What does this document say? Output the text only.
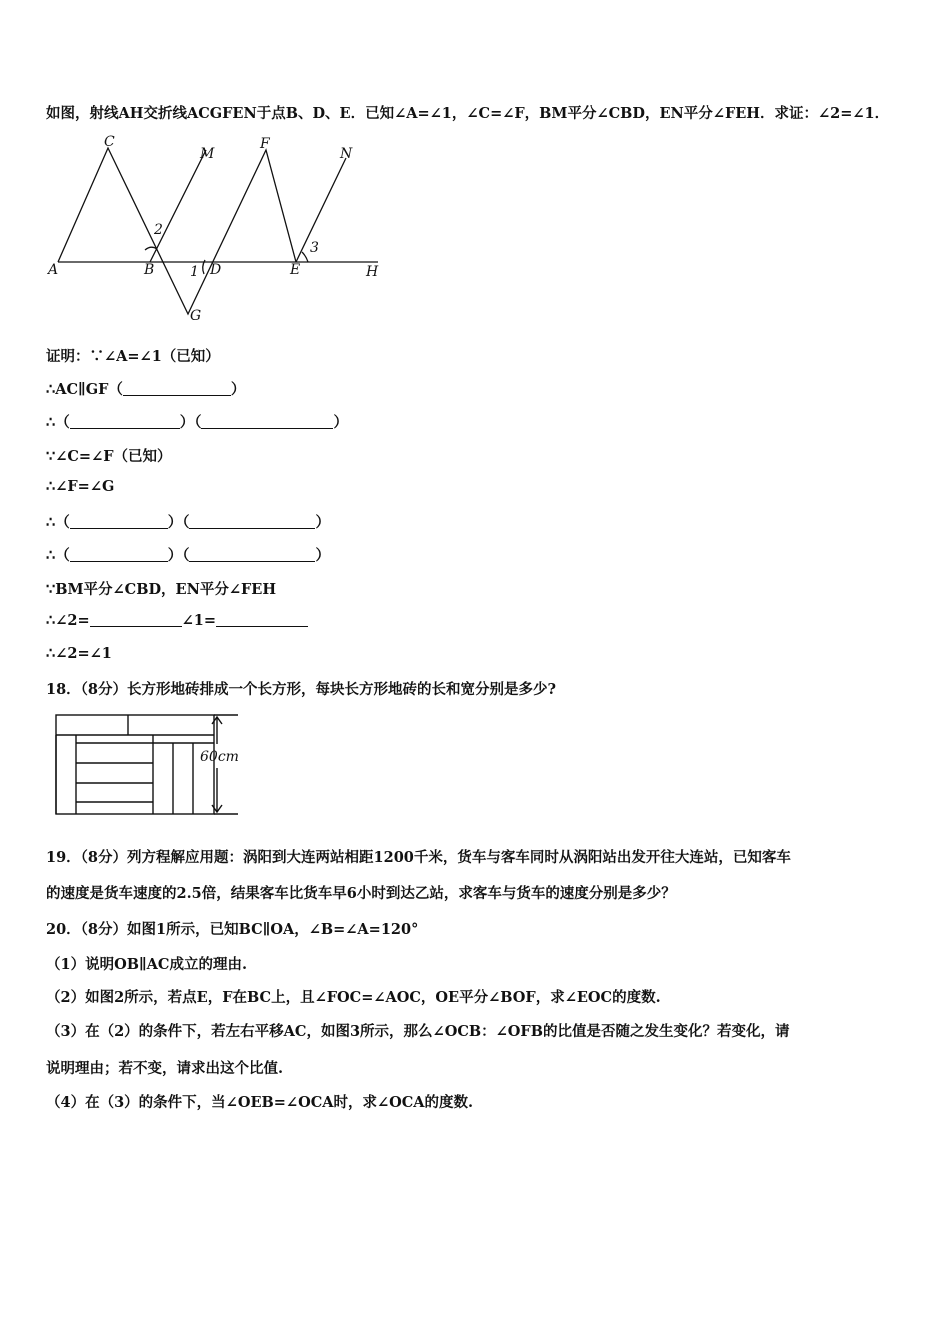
如图，射线AH交折线ACGFEN于点B、D、E．已知∠A=∠1，∠C=∠F，BM平分∠CBD，EN平分∠FEH．求证：∠2=∠1．
A	B
C
D	E
F
G
H
M	N
1
2
3
证明：∵∠A=∠1（已知）
∴AC∥GF（	）
∴（	）（	）
∵∠C=∠F（已知）
∴∠F=∠G
∴（	）（	）
∴（	）（	）
∵BM平分∠CBD，EN平分∠FEH
∴∠2=	∠1=
∴∠2=∠1
18．（8分）长方形地砖排成一个长方形，每块长方形地砖的长和宽分别是多少?
60cm
19．（8分）列方程解应用题：涡阳到大连两站相距1200千米，货车与客车同时从涡阳站出发开往大连站，已知客车
的速度是货车速度的2.5倍，结果客车比货车早6小时到达乙站，求客车与货车的速度分别是多少？
20．（8分）如图1所示，已知BC∥OA，∠B=∠A=120°
（1）说明OB∥AC成立的理由.
（2）如图2所示，若点E，F在BC上，且∠FOC=∠AOC，OE平分∠BOF，求∠EOC的度数.
（3）在（2）的条件下，若左右平移AC，如图3所示，那么∠OCB：∠OFB的比值是否随之发生变化？若变化，请
说明理由；若不变，请求出这个比值.
（4）在（3）的条件下，当∠OEB=∠OCA时，求∠OCA的度数.
